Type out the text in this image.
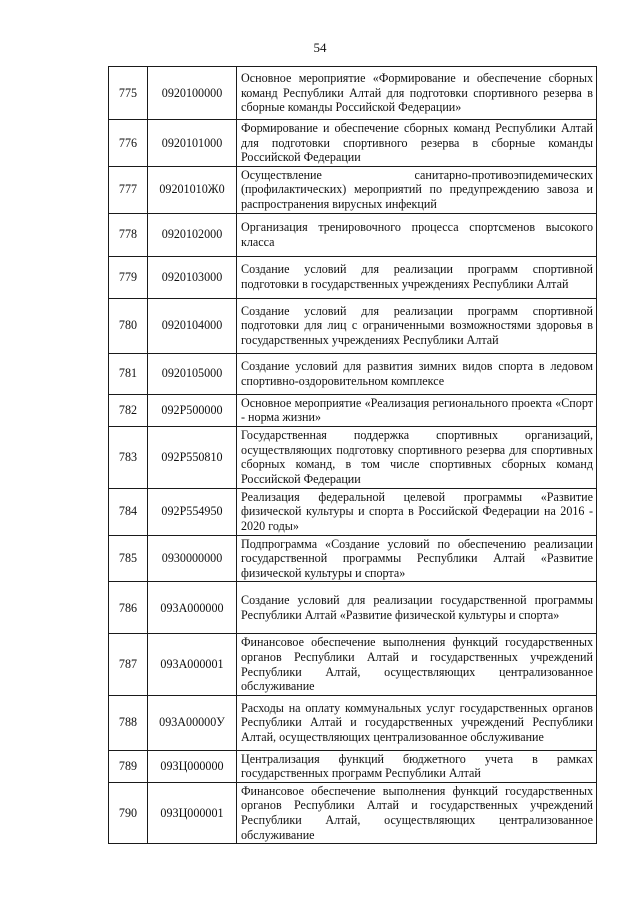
54
775	0920100000	Основное мероприятие «Формирование и обеспечение сборных команд Республики Алтай для подготовки спортивного резерва в сборные команды Российской Федерации»
776	0920101000	Формирование и обеспечение сборных команд Республики Алтай для подготовки спортивного резерва в сборные команды Российской Федерации
777	09201010Ж0	Осуществление санитарно-противоэпидемических (профилактических) мероприятий по предупреждению завоза и распространения вирусных инфекций
778	0920102000	Организация тренировочного процесса спортсменов высокого класса
779	0920103000	Создание условий для реализации программ спортивной подготовки в государственных учреждениях Республики Алтай
780	0920104000	Создание условий для реализации программ спортивной подготовки для лиц с ограниченными возможностями здоровья в государственных учреждениях Республики Алтай
781	0920105000	Создание условий для развития зимних видов спорта в ледовом спортивно-оздоровительном комплексе
782	092Р500000	Основное мероприятие «Реализация регионального проекта «Спорт - норма жизни»
783	092Р550810	Государственная поддержка спортивных организаций, осуществляющих подготовку спортивного резерва для спортивных сборных команд, в том числе спортивных сборных команд Российской Федерации
784	092Р554950	Реализация федеральной целевой программы «Развитие физической культуры и спорта в Российской Федерации на 2016 - 2020 годы»
785	0930000000	Подпрограмма «Создание условий по обеспечению реализации государственной программы Республики Алтай «Развитие физической культуры и спорта»
786	093А000000	Создание условий для реализации государственной программы Республики Алтай «Развитие физической культуры и спорта»
787	093А000001	Финансовое обеспечение выполнения функций государственных органов Республики Алтай и государственных учреждений Республики Алтай, осуществляющих централизованное обслуживание
788	093А00000У	Расходы на оплату коммунальных услуг государственных органов Республики Алтай и государственных учреждений Республики Алтай, осуществляющих централизованное обслуживание
789	093Ц000000	Централизация функций бюджетного учета в рамках государственных программ Республики Алтай
790	093Ц000001	Финансовое обеспечение выполнения функций государственных органов Республики Алтай и государственных учреждений Республики Алтай, осуществляющих централизованное обслуживание
